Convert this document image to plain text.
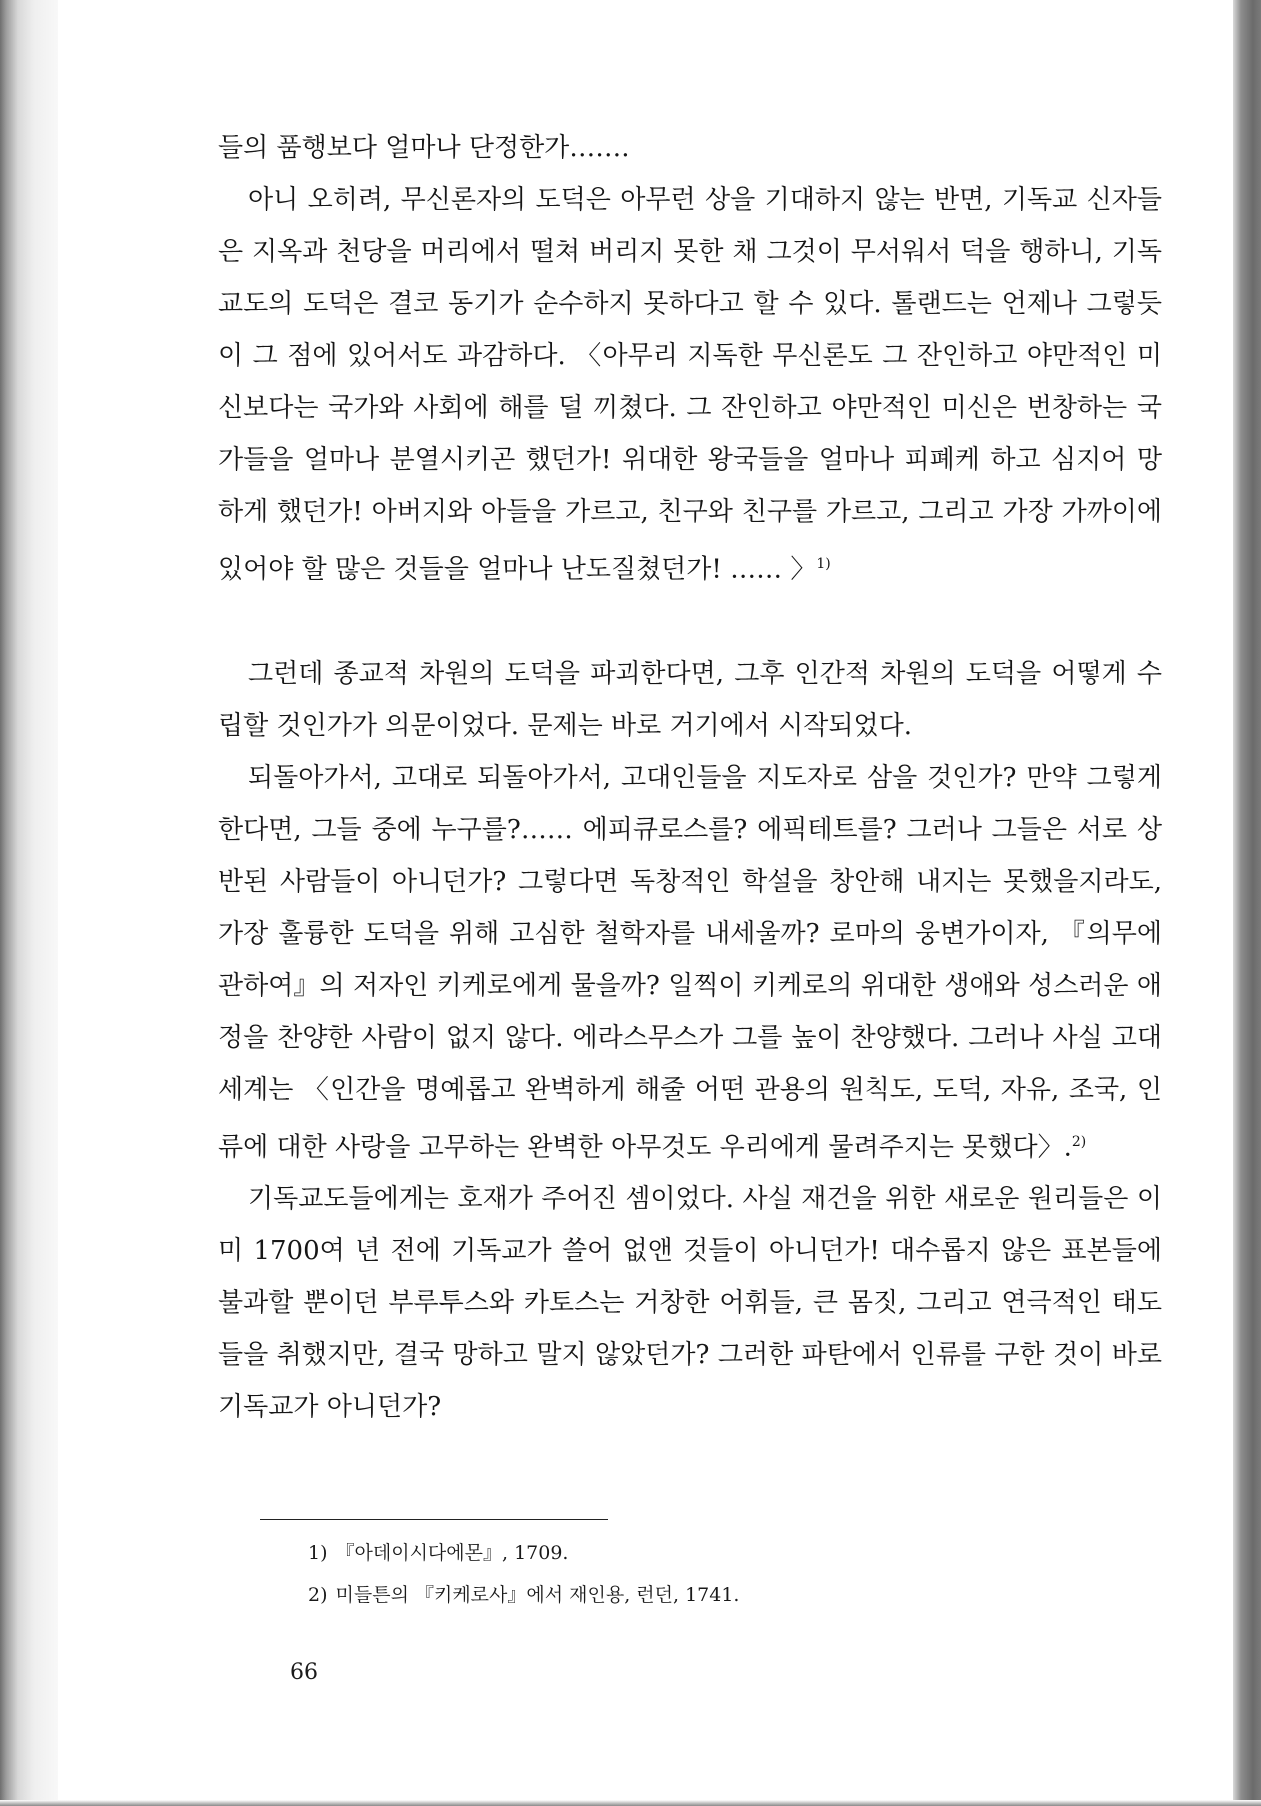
들의 품행보다 얼마나 단정한가…….

아니 오히려, 무신론자의 도덕은 아무런 상을 기대하지 않는 반면, 기독교 신자들은 지옥과 천당을 머리에서 떨쳐 버리지 못한 채 그것이 무서워서 덕을 행하니, 기독교도의 도덕은 결코 동기가 순수하지 못하다고 할 수 있다. 톨랜드는 언제나 그렇듯이 그 점에 있어서도 과감하다. 〈아무리 지독한 무신론도 그 잔인하고 야만적인 미신보다는 국가와 사회에 해를 덜 끼쳤다. 그 잔인하고 야만적인 미신은 번창하는 국가들을 얼마나 분열시키곤 했던가! 위대한 왕국들을 얼마나 피폐케 하고 심지어 망하게 했던가! 아버지와 아들을 가르고, 친구와 친구를 가르고, 그리고 가장 가까이에 있어야 할 많은 것들을 얼마나 난도질쳤던가! …… 〉$^{1)}$

그런데 종교적 차원의 도덕을 파괴한다면, 그후 인간적 차원의 도덕을 어떻게 수립할 것인가가 의문이었다. 문제는 바로 거기에서 시작되었다.

되돌아가서, 고대로 되돌아가서, 고대인들을 지도자로 삼을 것인가? 만약 그렇게 한다면, 그들 중에 누구를?…… 에피큐로스를? 에픽테트를? 그러나 그들은 서로 상반된 사람들이 아니던가? 그렇다면 독창적인 학설을 창안해 내지는 못했을지라도, 가장 훌륭한 도덕을 위해 고심한 철학자를 내세울까? 로마의 웅변가이자, 『의무에 관하여』의 저자인 키케로에게 물을까? 일찍이 키케로의 위대한 생애와 성스러운 애정을 찬양한 사람이 없지 않다. 에라스무스가 그를 높이 찬양했다. 그러나 사실 고대세계는 〈인간을 명예롭고 완벽하게 해줄 어떤 관용의 원칙도, 도덕, 자유, 조국, 인류에 대한 사랑을 고무하는 완벽한 아무것도 우리에게 물려주지는 못했다〉.$^{2)}$

기독교도들에게는 호재가 주어진 셈이었다. 사실 재건을 위한 새로운 원리들은 이미 1700여 년 전에 기독교가 쓸어 없앤 것들이 아니던가! 대수롭지 않은 표본들에 불과할 뿐이던 부루투스와 카토스는 거창한 어휘들, 큰 몸짓, 그리고 연극적인 태도들을 취했지만, 결국 망하고 말지 않았던가? 그러한 파탄에서 인류를 구한 것이 바로 기독교가 아니던가?

1) 『아데이시다에몬』, 1709.
2) 미들튼의 『키케로사』에서 재인용, 런던, 1741.
66
